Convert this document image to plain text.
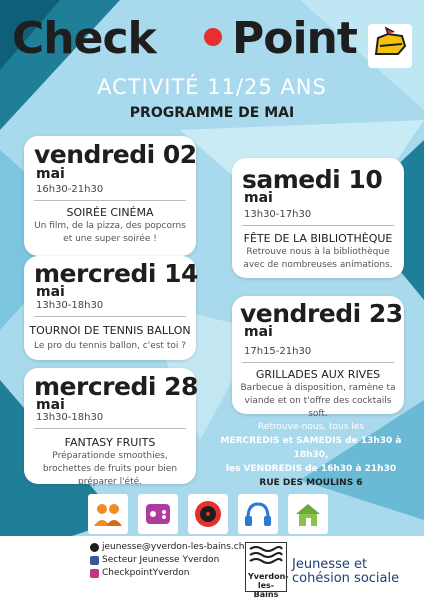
Check Point
ACTIVITÉ 11/25 ANS
PROGRAMME DE MAI
vendredi 02
mai
16h30-21h30
SOIRÉE CINÉMA
Un film, de la pizza, des popcorns et une super soirée !
samedi 10
mai
13h30-17h30
FÊTE DE LA BIBLIOTHÈQUE
Retrouve nous à la bibliothèque avec de nombreuses animations.
mercredi 14
mai
13h30-18h30
TOURNOI DE TENNIS BALLON
Le pro du tennis ballon, c'est toi ?
vendredi 23
mai
17h15-21h30
GRILLADES AUX RIVES
Barbecue à disposition, ramène ta viande et on t'offre des cocktails soft.
mercredi 28
mai
13h30-18h30
FANTASY FRUITS
Préparationde smoothies, brochettes de fruits pour bien préparer l'été.
Retrouve-nous, tous les
MERCREDIS et SAMEDIS de 13h30 à 18h30,
les VENDREDIS de 16h30 à 21h30
RUE DES MOULINS 6
jeunesse@yverdon-les-bains.ch
Secteur Jeunesse Yverdon
CheckpointYverdon	Yverdon-les-Bains
Jeunesse et
cohésion sociale
